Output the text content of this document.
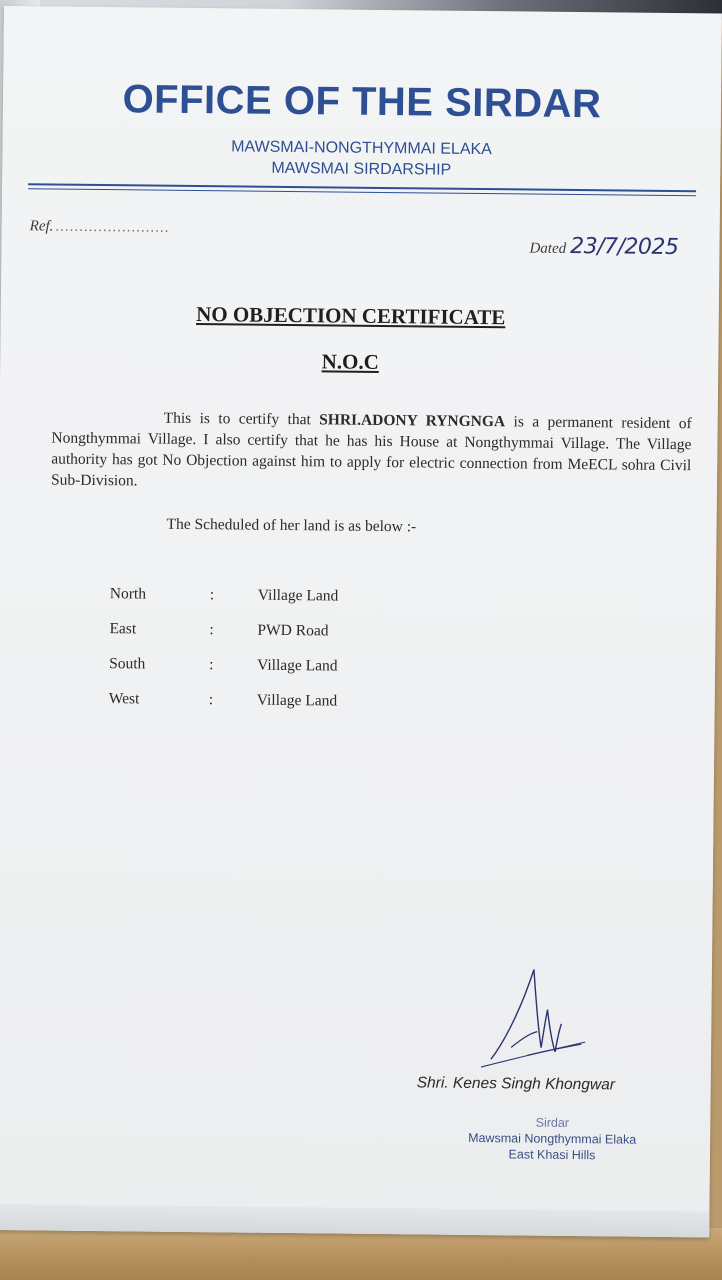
OFFICE OF THE SIRDAR
MAWSMAI-NONGTHYMMAI ELAKA
MAWSMAI SIRDARSHIP
Ref. ........................
Dated 23/7/2025
NO OBJECTION CERTIFICATE
N.O.C
This is to certify that SHRI.ADONY RYNGNGA is a permanent resident of Nongthymmai Village. I also certify that he has his House at Nongthymmai Village. The Village authority has got No Objection against him to apply for electric connection from MeECL sohra Civil Sub-Division.
The Scheduled of her land is as below :-
North	:	Village Land
East	:	PWD Road
South	:	Village Land
West	:	Village Land
Shri. Kenes Singh Khongwar
Sirdar
Mawsmai Nongthymmai Elaka
East Khasi Hills
